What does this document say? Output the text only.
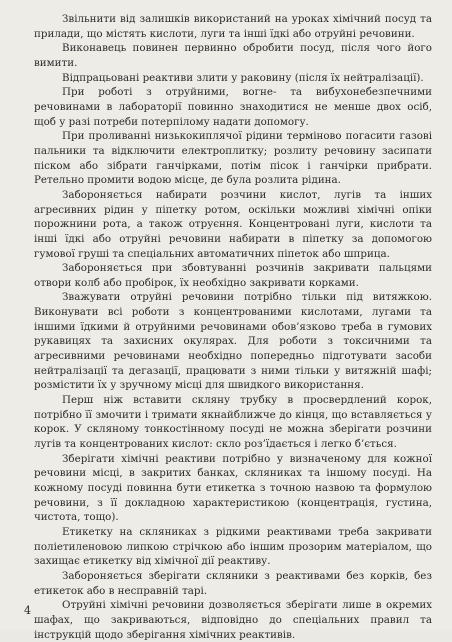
Звільнити від залишків використаний на уроках хімічний посуд та прилади, що містять кислоти, луги та інші їдкі або отруйні речовини.

Виконавець повинен первинно обробити посуд, після чого його вимити.

Відпрацьовані реактиви злити у раковину (після їх нейтралізації).

При роботі з отруйними, вогне- та вибухонебезпечними речовинами в лабораторії повинно знаходитися не менше двох осіб, щоб у разі потреби потерпілому надати допомогу.

При проливанні низькокиплячої рідини терміново погасити газові пальники та відключити електроплитку; розлиту речовину засипати піском або зібрати ганчірками, потім пісок і ганчірки прибрати. Ретельно промити водою місце, де була розлита рідина.

Забороняється набирати розчини кислот, лугів та інших агресивних рідин у піпетку ротом, оскільки можливі хімічні опіки порожнини рота, а також отруєння. Концентровані луги, кислоти та інші їдкі або отруйні речовини набирати в піпетку за допомогою гумової груші та спеціальних автоматичних піпеток або шприца.

Забороняється при збовтуванні розчинів закривати пальцями отвори колб або пробірок, їх необхідно закривати корками.

Зважувати отруйні речовини потрібно тільки під витяжкою. Виконувати всі роботи з концентрованими кислотами, лугами та іншими їдкими й отруйними речовинами обов’язково треба в гумових рукавицях та захисних окулярах. Для роботи з токсичними та агресивними речовинами необхідно попередньо підготувати засоби нейтралізації та дегазації, працювати з ними тільки у витяжній шафі; розмістити їх у зручному місці для швидкого використання.

Перш ніж вставити скляну трубку в просвердлений корок, потрібно її змочити і тримати якнайближче до кінця, що вставляється у корок. У скляному тонкостінному посуді не можна зберігати розчини лугів та концентрованих кислот: скло роз’їдається і легко б’ється.

Зберігати хімічні реактиви потрібно у визначеному для кожної речовини місці, в закритих банках, скляниках та іншому посуді. На кожному посуді повинна бути етикетка з точною назвою та формулою речовини, з її докладною характеристикою (концентрація, густина, чистота, тощо).

Етикетку на скляниках з рідкими реактивами треба закривати поліетиленовою липкою стрічкою або іншим прозорим матеріалом, що захищає етикетку від хімічної дії реактиву.

Забороняється зберігати скляники з реактивами без корків, без етикеток або в несправній тарі.

Отруйні хімічні речовини дозволяється зберігати лише в окремих шафах, що закриваються, відповідно до спеціальних правил та інструкцій щодо зберігання хімічних реактивів.

4
